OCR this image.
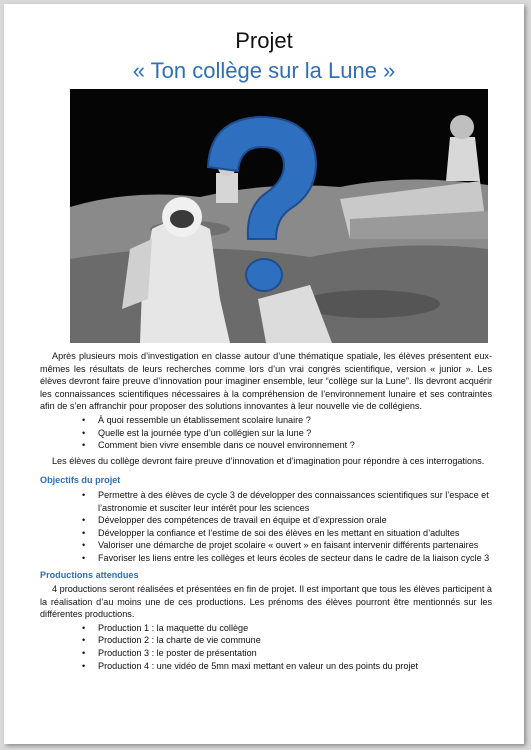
Projet
« Ton collège sur la Lune »

Après plusieurs mois d’investigation en classe autour d’une thématique spatiale, les élèves présentent eux-mêmes les résultats de leurs recherches comme lors d’un vrai congrès scientifique, version « junior ». Les élèves devront faire preuve d’innovation pour imaginer ensemble, leur “collège sur la Lune”. Ils devront acquérir les connaissances scientifiques nécessaires à la compréhension de l’environnement lunaire et ses contraintes afin de s’en affranchir pour proposer des solutions innovantes à leur nouvelle vie de collégiens.

• À quoi ressemble un établissement scolaire lunaire ?
• Quelle est la journée type d’un collégien sur la lune ?
• Comment bien vivre ensemble dans ce nouvel environnement ?

Les élèves du collège devront faire preuve d’innovation et d’imagination pour répondre à ces interrogations.

Objectifs du projet
• Permettre à des élèves de cycle 3 de développer des connaissances scientifiques sur l’espace et l’astronomie et susciter leur intérêt pour les sciences
• Développer des compétences de travail en équipe et d’expression orale
• Développer la confiance et l’estime de soi des élèves en les mettant en situation d’adultes
• Valoriser une démarche de projet scolaire « ouvert » en faisant intervenir différents partenaires
• Favoriser les liens entre les collèges et leurs écoles de secteur dans le cadre de la liaison cycle 3
Productions attendues

4 productions seront réalisées et présentées en fin de projet. Il est important que tous les élèves participent à la réalisation d’au moins une de ces productions. Les prénoms des élèves pourront être mentionnés sur les différentes productions.

• Production 1 : la maquette du collège
• Production 2 : la charte de vie commune
• Production 3 : le poster de présentation
• Production 4 : une vidéo de 5mn maxi mettant en valeur un des points du projet
